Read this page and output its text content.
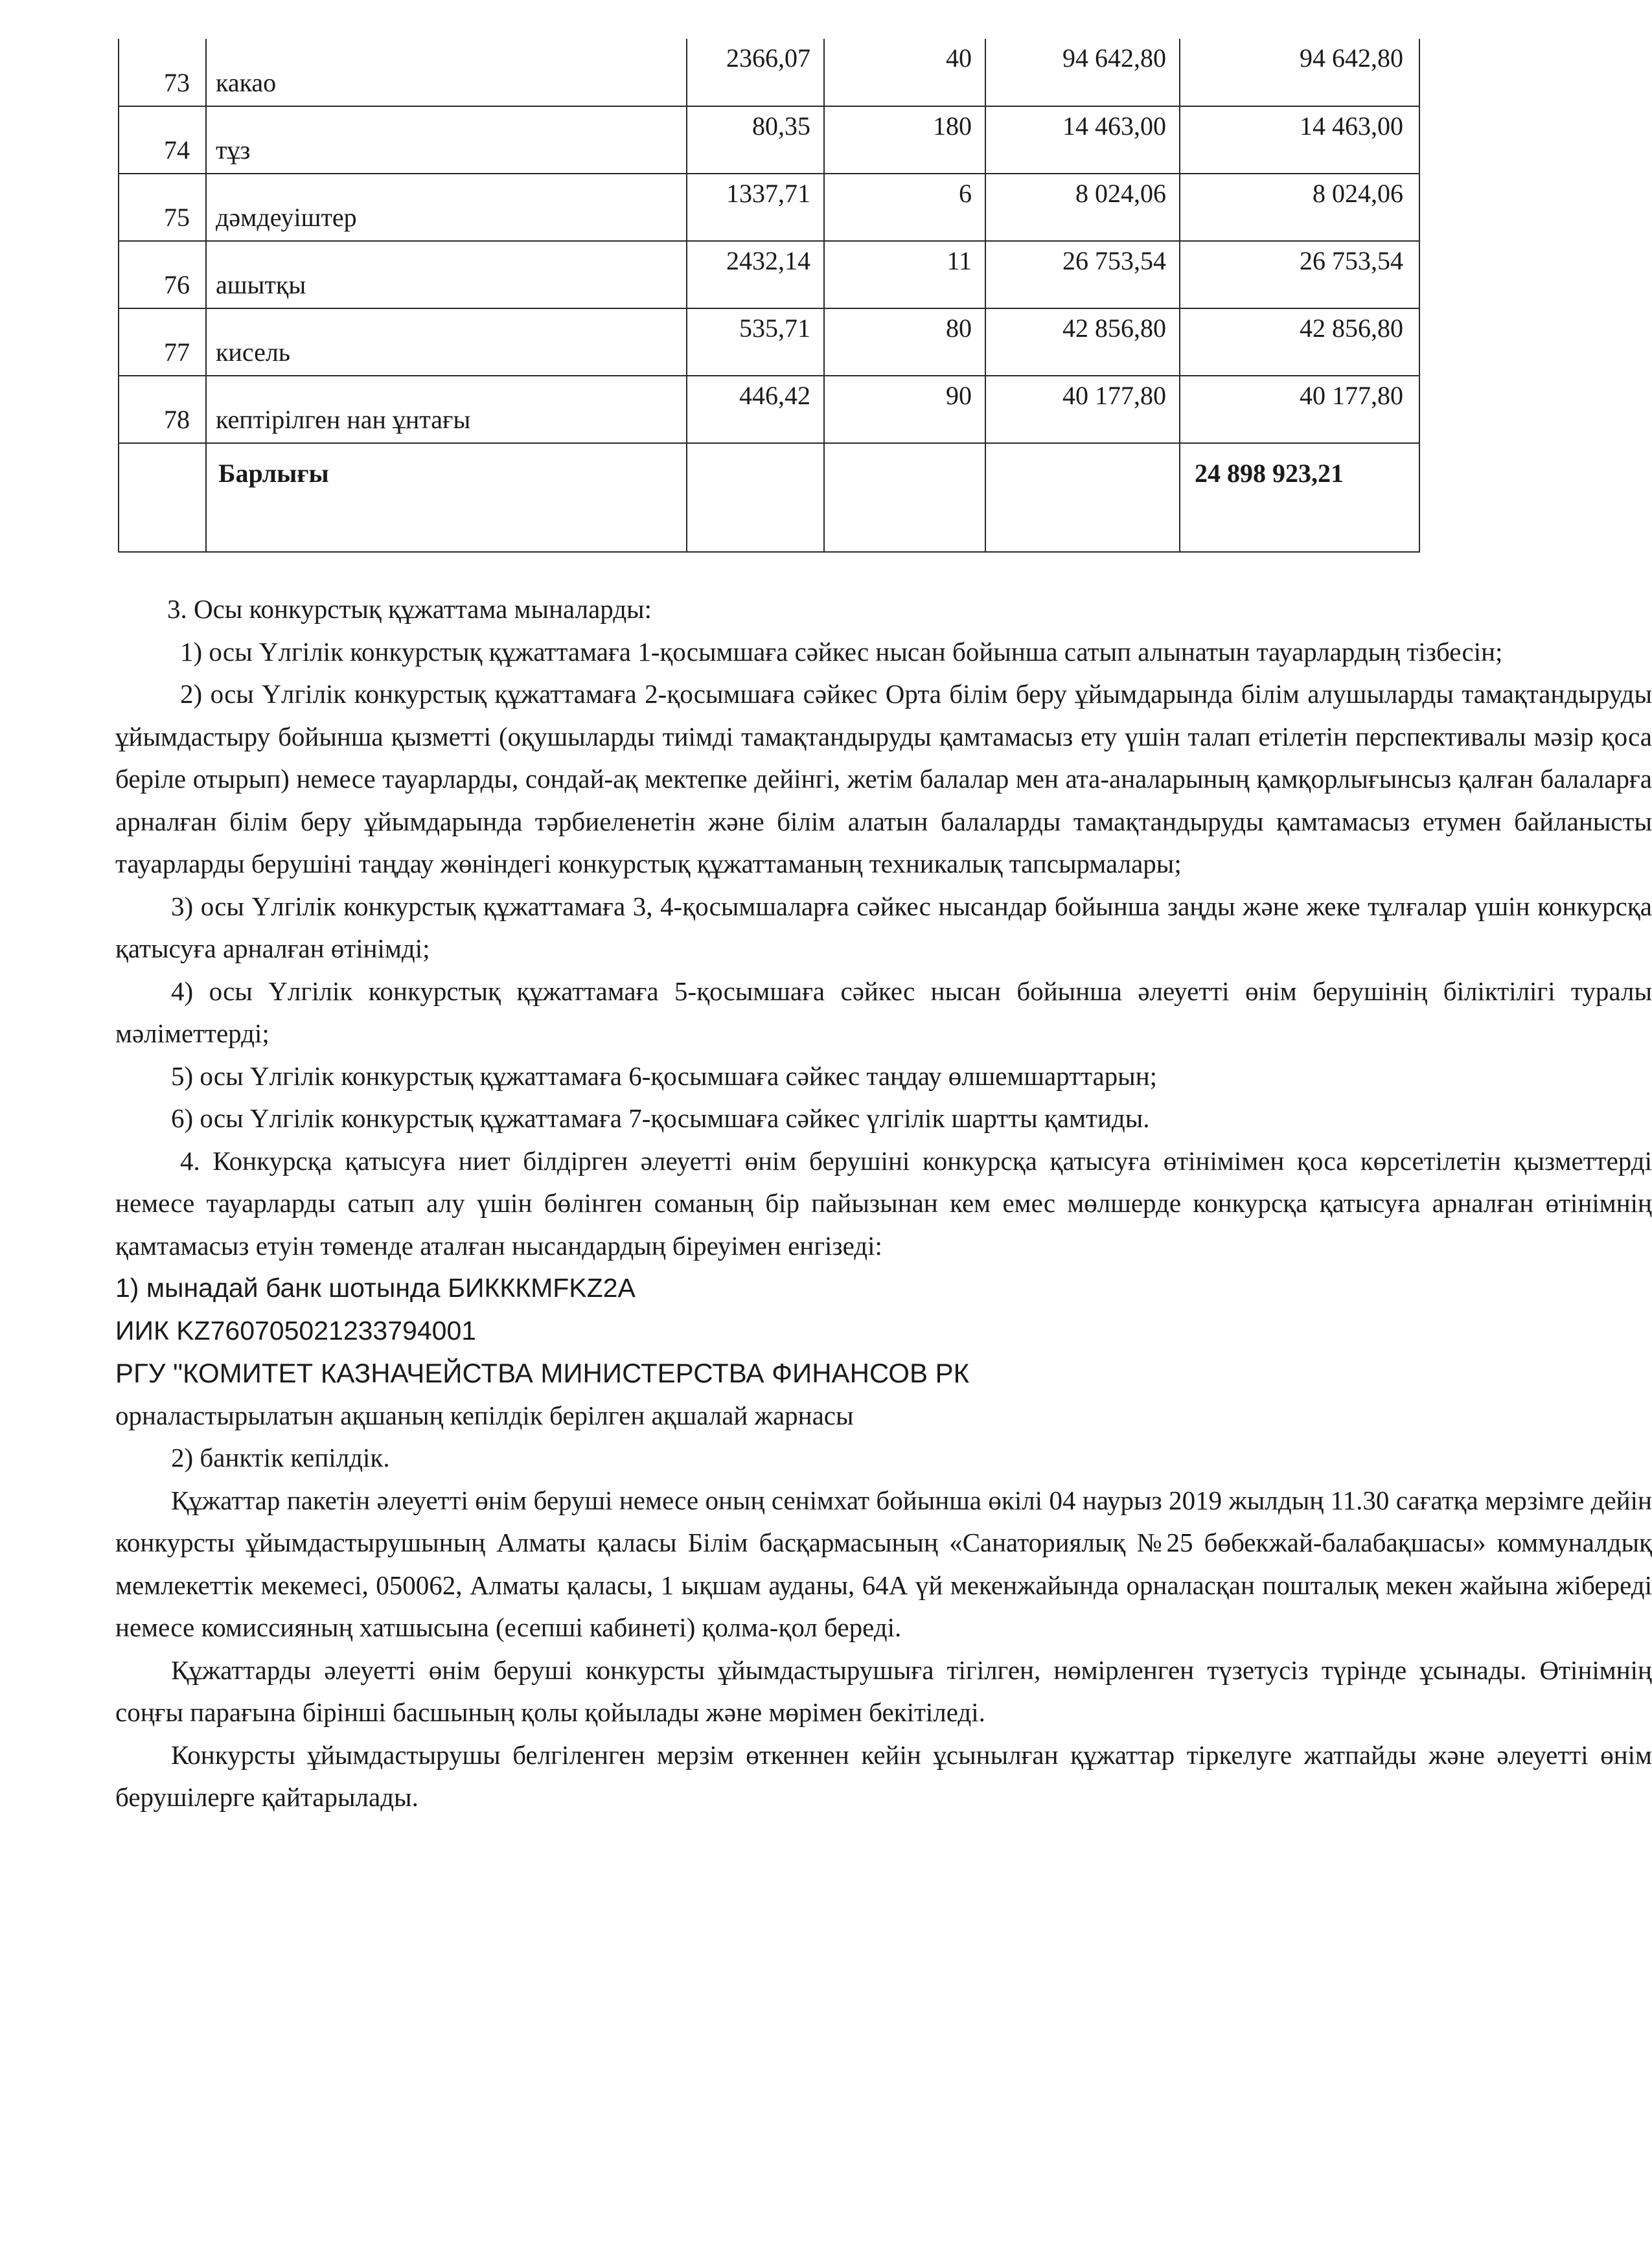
73	какао	2366,07	40	94 642,80	94 642,80
74	тұз	80,35	180	14 463,00	14 463,00
75	дәмдеуіштер	1337,71	6	8 024,06	8 024,06
76	ашытқы	2432,14	11	26 753,54	26 753,54
77	кисель	535,71	80	42 856,80	42 856,80
78	кептірілген нан ұнтағы	446,42	90	40 177,80	40 177,80
	Барлығы				24 898 923,21

3. Осы конкурстық құжаттама мыналарды:

1) осы Үлгілік конкурстық құжаттамаға 1-қосымшаға сәйкес нысан бойынша сатып алынатын тауарлардың тізбесін;

2) осы Үлгілік конкурстық құжаттамаға 2-қосымшаға сәйкес Орта білім беру ұйымдарында білім алушыларды тамақтандыруды ұйымдастыру бойынша қызметті (оқушыларды тиімді тамақтандыруды қамтамасыз ету үшін талап етілетін перспективалы мәзір қоса беріле отырып) немесе тауарларды, сондай-ақ мектепке дейінгі, жетім балалар мен ата-аналарының қамқорлығынсыз қалған балаларға арналған білім беру ұйымдарында тәрбиеленетін және білім алатын балаларды тамақтандыруды қамтамасыз етумен байланысты тауарларды берушіні таңдау жөніндегі конкурстық құжаттаманың техникалық тапсырмалары;

3) осы Үлгілік конкурстық құжаттамаға 3, 4-қосымшаларға сәйкес нысандар бойынша заңды және жеке тұлғалар үшін конкурсқа қатысуға арналған өтінімді;

4) осы Үлгілік конкурстық құжаттамаға 5-қосымшаға сәйкес нысан бойынша әлеуетті өнім берушінің біліктілігі туралы мәліметтерді;

5) осы Үлгілік конкурстық құжаттамаға 6-қосымшаға сәйкес таңдау өлшемшарттарын;

6) осы Үлгілік конкурстық құжаттамаға 7-қосымшаға сәйкес үлгілік шартты қамтиды.

4. Конкурсқа қатысуға ниет білдірген әлеуетті өнім берушіні конкурсқа қатысуға өтінімімен қоса көрсетілетін қызметтерді немесе тауарларды сатып алу үшін бөлінген соманың бір пайызынан кем емес мөлшерде конкурсқа қатысуға арналған өтінімнің қамтамасыз етуін төменде аталған нысандардың біреуімен енгізеді:

1) мынадай банк шотында БИКККМFKZ2A

ИИК KZ760705021233794001

РГУ "КОМИТЕТ КАЗНАЧЕЙСТВА МИНИСТЕРСТВА ФИНАНСОВ РК

орналастырылатын ақшаның кепілдік берілген ақшалай жарнасы

2) банктік кепілдік.

Құжаттар пакетін әлеуетті өнім беруші немесе оның сенімхат бойынша өкілі 04 наурыз 2019 жылдың 11.30 сағатқа мерзімге дейін конкурсты ұйымдастырушының Алматы қаласы Білім басқармасының «Санаториялық №25 бөбекжай-балабақшасы» коммуналдық мемлекеттік мекемесі, 050062, Алматы қаласы, 1 ықшам ауданы, 64А үй мекенжайында орналасқан пошталық мекен жайына жібереді немесе комиссияның хатшысына (есепші кабинеті) қолма-қол береді.

Құжаттарды әлеуетті өнім беруші конкурсты ұйымдастырушыға тігілген, нөмірленген түзетусіз түрінде ұсынады. Өтінімнің соңғы парағына бірінші басшының қолы қойылады және мөрімен бекітіледі.

Конкурсты ұйымдастырушы белгіленген мерзім өткеннен кейін ұсынылған құжаттар тіркелуге жатпайды және әлеуетті өнім берушілерге қайтарылады.
